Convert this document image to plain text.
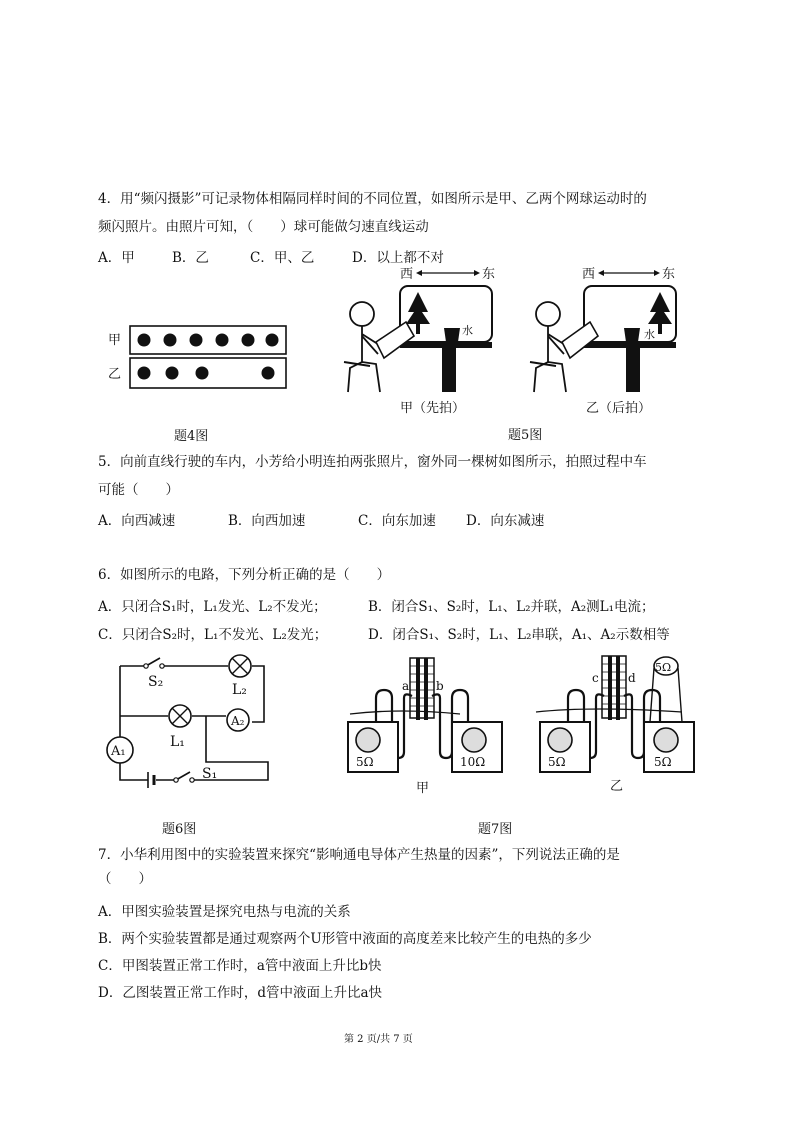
4．用“频闪摄影”可记录物体相隔同样时间的不同位置，如图所示是甲、乙两个网球运动时的
频闪照片。由照片可知，（　　）球可能做匀速直线运动
A．甲	B．乙	C．甲、乙	D．以上都不对
甲
乙
题4图
西	东
水
甲（先拍）
西	东
水
乙（后拍）
题5图
5．向前直线行驶的车内，小芳给小明连拍两张照片，窗外同一棵树如图所示，拍照过程中车
可能（　　）
A．向西减速	B．向西加速	C．向东加速 D．向东减速
6．如图所示的电路，下列分析正确的是（　　）
A．只闭合S₁时，L₁发光、L₂不发光；	B．闭合S₁、S₂时，L₁、L₂并联，A₂测L₁电流；
C．只闭合S₂时，L₁不发光、L₂发光；	D．闭合S₁、S₂时，L₁、L₂串联，A₁、A₂示数相等
A₂
A₁
S₂	L₂
L₁
S₁
题6图
a b
5Ω	10Ω
甲
c d
5Ω	5Ω
5Ω
乙
题7图
7．小华利用图中的实验装置来探究“影响通电导体产生热量的因素”，下列说法正确的是
（　　）
A．甲图实验装置是探究电热与电流的关系
B．两个实验装置都是通过观察两个U形管中液面的高度差来比较产生的电热的多少
C．甲图装置正常工作时，a管中液面上升比b快
D．乙图装置正常工作时，d管中液面上升比a快
第 2 页/共 7 页
